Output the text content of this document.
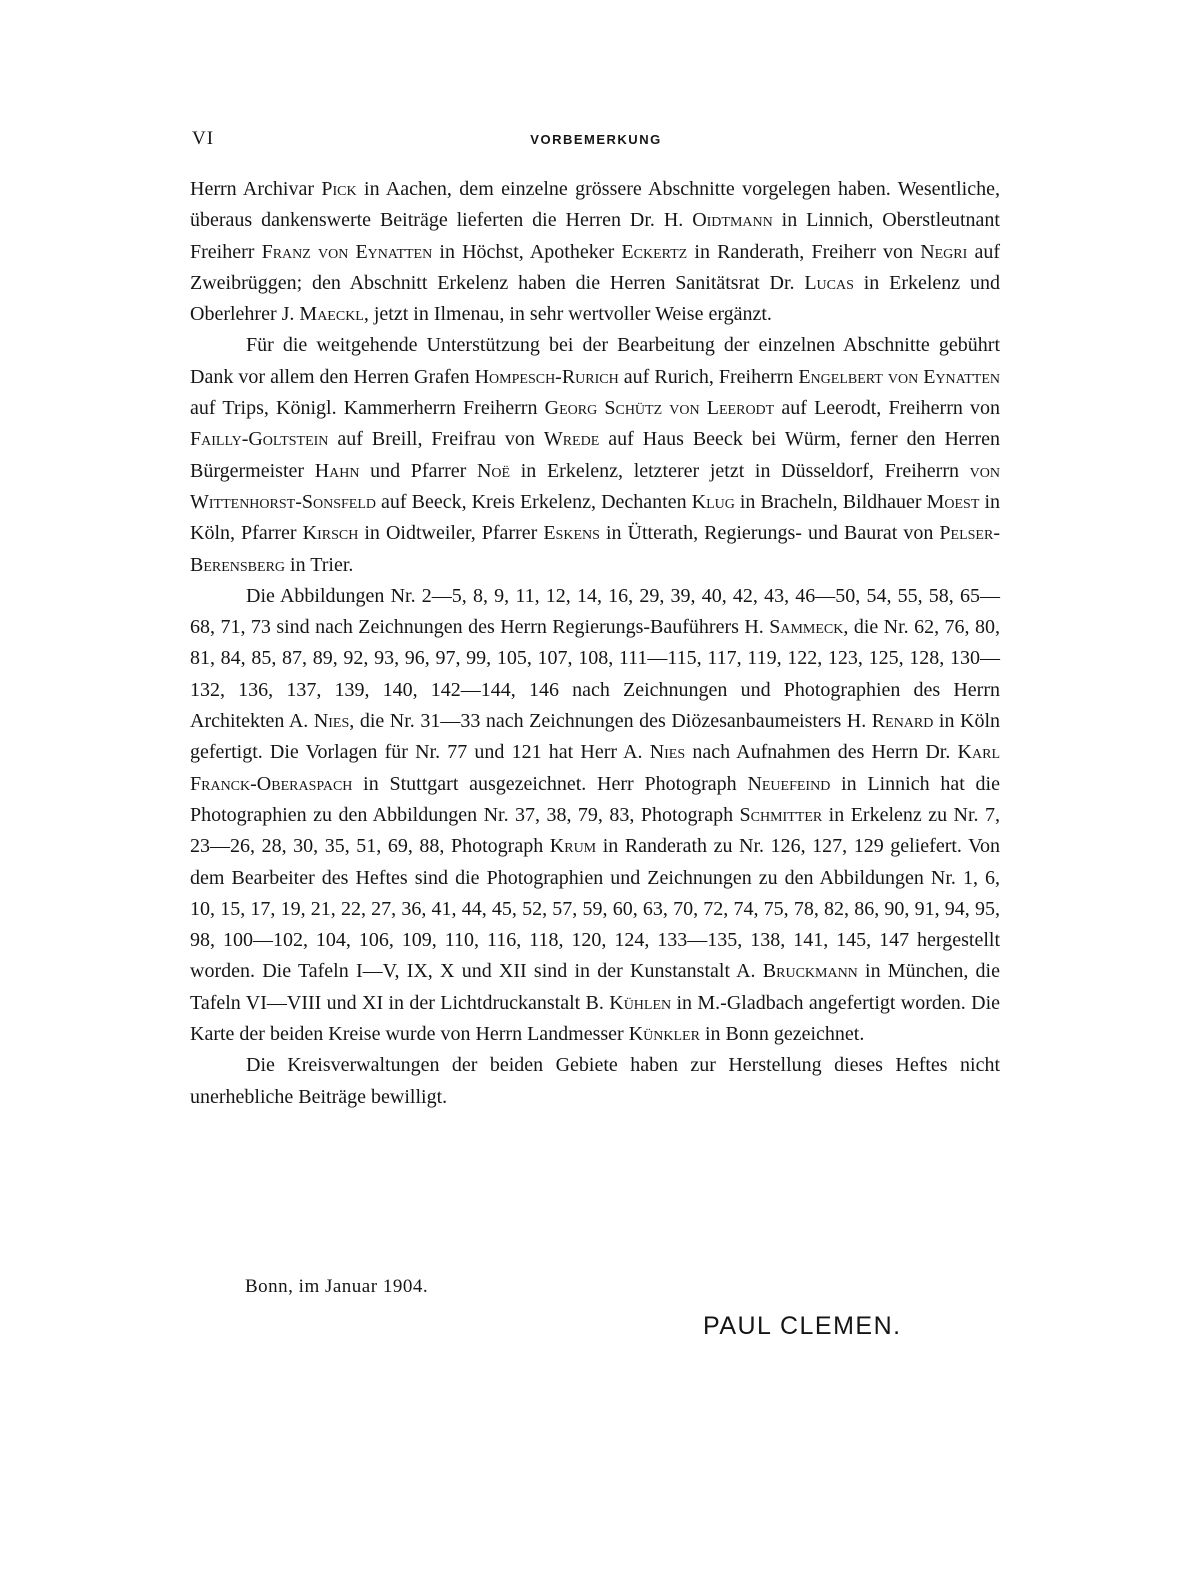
VI	VORBEMERKUNG

Herrn Archivar Pick in Aachen, dem einzelne grössere Abschnitte vorgelegen haben. Wesentliche, überaus dankenswerte Beiträge lieferten die Herren Dr. H. Oidtmann in Linnich, Oberstleutnant Freiherr Franz von Eynatten in Höchst, Apotheker Eckertz in Randerath, Freiherr von Negri auf Zweibrüggen; den Abschnitt Erkelenz haben die Herren Sanitätsrat Dr. Lucas in Erkelenz und Oberlehrer J. Maeckl, jetzt in Ilmenau, in sehr wertvoller Weise ergänzt.

Für die weitgehende Unterstützung bei der Bearbeitung der einzelnen Abschnitte gebührt Dank vor allem den Herren Grafen Hompesch-Rurich auf Rurich, Freiherrn Engelbert von Eynatten auf Trips, Königl. Kammerherrn Freiherrn Georg Schütz von Leerodt auf Leerodt, Freiherrn von Failly-Goltstein auf Breill, Freifrau von Wrede auf Haus Beeck bei Würm, ferner den Herren Bürgermeister Hahn und Pfarrer Noë in Erkelenz, letzterer jetzt in Düsseldorf, Freiherrn von Wittenhorst-Sonsfeld auf Beeck, Kreis Erkelenz, Dechanten Klug in Bracheln, Bildhauer Moest in Köln, Pfarrer Kirsch in Oidtweiler, Pfarrer Eskens in Ütterath, Regierungs- und Baurat von Pelser-Berensberg in Trier.

Die Abbildungen Nr. 2—5, 8, 9, 11, 12, 14, 16, 29, 39, 40, 42, 43, 46—50, 54, 55, 58, 65—68, 71, 73 sind nach Zeichnungen des Herrn Regierungs-Bauführers H. Sammeck, die Nr. 62, 76, 80, 81, 84, 85, 87, 89, 92, 93, 96, 97, 99, 105, 107, 108, 111—115, 117, 119, 122, 123, 125, 128, 130—132, 136, 137, 139, 140, 142—144, 146 nach Zeichnungen und Photographien des Herrn Architekten A. Nies, die Nr. 31—33 nach Zeichnungen des Diözesanbaumeisters H. Renard in Köln gefertigt. Die Vorlagen für Nr. 77 und 121 hat Herr A. Nies nach Aufnahmen des Herrn Dr. Karl Franck-Oberaspach in Stuttgart ausgezeichnet. Herr Photograph Neuefeind in Linnich hat die Photographien zu den Abbildungen Nr. 37, 38, 79, 83, Photograph Schmitter in Erkelenz zu Nr. 7, 23—26, 28, 30, 35, 51, 69, 88, Photograph Krum in Randerath zu Nr. 126, 127, 129 geliefert. Von dem Bearbeiter des Heftes sind die Photographien und Zeichnungen zu den Abbildungen Nr. 1, 6, 10, 15, 17, 19, 21, 22, 27, 36, 41, 44, 45, 52, 57, 59, 60, 63, 70, 72, 74, 75, 78, 82, 86, 90, 91, 94, 95, 98, 100—102, 104, 106, 109, 110, 116, 118, 120, 124, 133—135, 138, 141, 145, 147 hergestellt worden. Die Tafeln I—V, IX, X und XII sind in der Kunstanstalt A. Bruckmann in München, die Tafeln VI—VIII und XI in der Lichtdruckanstalt B. Kühlen in M.-Gladbach angefertigt worden. Die Karte der beiden Kreise wurde von Herrn Landmesser Künkler in Bonn gezeichnet.

Die Kreisverwaltungen der beiden Gebiete haben zur Herstellung dieses Heftes nicht unerhebliche Beiträge bewilligt.

Bonn, im Januar 1904.
PAUL CLEMEN.
